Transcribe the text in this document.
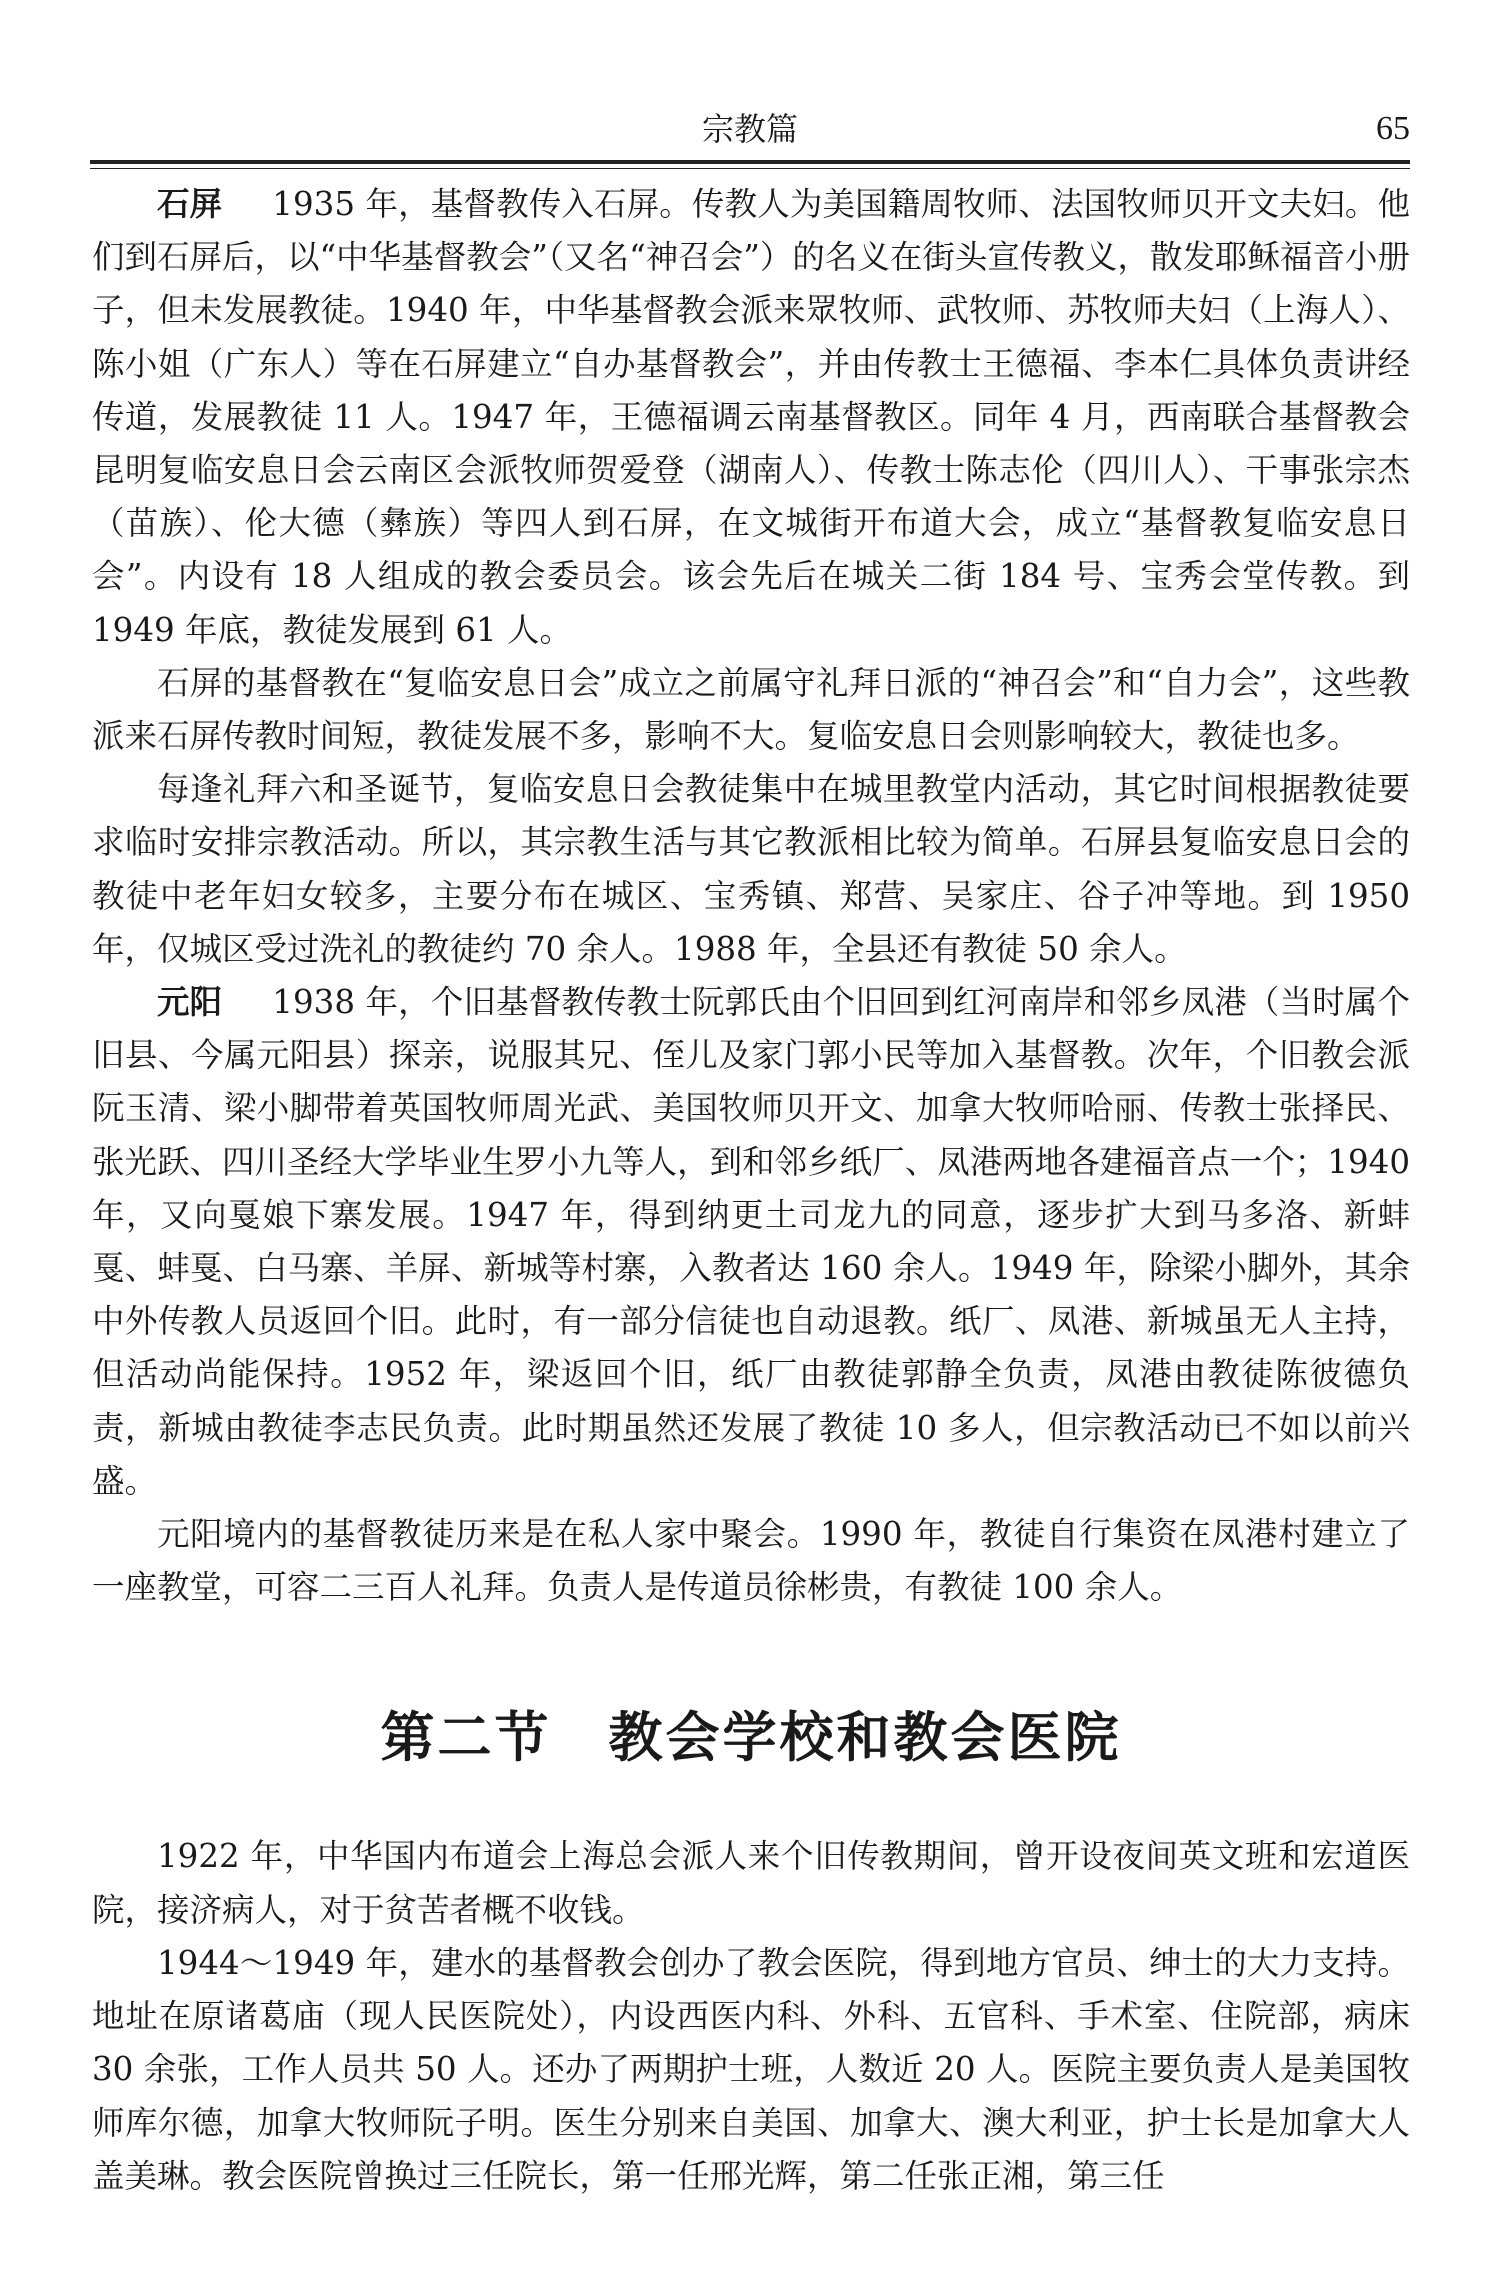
宗教篇	65

石屏 1935 年，基督教传入石屏。传教人为美国籍周牧师、法国牧师贝开文夫妇。他们到石屏后，以“中华基督教会”（又名“神召会”）的名义在街头宣传教义，散发耶稣福音小册子，但未发展教徒。1940 年，中华基督教会派来眾牧师、武牧师、苏牧师夫妇（上海人）、陈小姐（广东人）等在石屏建立“自办基督教会”，并由传教士王德福、李本仁具体负责讲经传道，发展教徒 11 人。1947 年，王德福调云南基督教区。同年 4 月，西南联合基督教会昆明复临安息日会云南区会派牧师贺爱登（湖南人）、传教士陈志伦（四川人）、干事张宗杰（苗族）、伦大德（彝族）等四人到石屏，在文城街开布道大会，成立“基督教复临安息日会”。内设有 18 人组成的教会委员会。该会先后在城关二街 184 号、宝秀会堂传教。到 1949 年底，教徒发展到 61 人。

石屏的基督教在“复临安息日会”成立之前属守礼拜日派的“神召会”和“自力会”，这些教派来石屏传教时间短，教徒发展不多，影响不大。复临安息日会则影响较大，教徒也多。

每逢礼拜六和圣诞节，复临安息日会教徒集中在城里教堂内活动，其它时间根据教徒要求临时安排宗教活动。所以，其宗教生活与其它教派相比较为简单。石屏县复临安息日会的教徒中老年妇女较多，主要分布在城区、宝秀镇、郑营、吴家庄、谷子冲等地。到 1950 年，仅城区受过洗礼的教徒约 70 余人。1988 年，全县还有教徒 50 余人。

元阳 1938 年，个旧基督教传教士阮郭氏由个旧回到红河南岸和邻乡凤港（当时属个旧县、今属元阳县）探亲，说服其兄、侄儿及家门郭小民等加入基督教。次年，个旧教会派阮玉清、梁小脚带着英国牧师周光武、美国牧师贝开文、加拿大牧师哈丽、传教士张择民、张光跃、四川圣经大学毕业生罗小九等人，到和邻乡纸厂、凤港两地各建福音点一个；1940 年，又向戛娘下寨发展。1947 年，得到纳更土司龙九的同意，逐步扩大到马多洛、新蚌戛、蚌戛、白马寨、羊屏、新城等村寨，入教者达 160 余人。1949 年，除梁小脚外，其余中外传教人员返回个旧。此时，有一部分信徒也自动退教。纸厂、凤港、新城虽无人主持，但活动尚能保持。1952 年，梁返回个旧，纸厂由教徒郭静全负责，凤港由教徒陈彼德负责，新城由教徒李志民负责。此时期虽然还发展了教徒 10 多人，但宗教活动已不如以前兴盛。

元阳境内的基督教徒历来是在私人家中聚会。1990 年，教徒自行集资在凤港村建立了一座教堂，可容二三百人礼拜。负责人是传道员徐彬贵，有教徒 100 余人。

第二节　教会学校和教会医院

1922 年，中华国内布道会上海总会派人来个旧传教期间，曾开设夜间英文班和宏道医院，接济病人，对于贫苦者概不收钱。

1944～1949 年，建水的基督教会创办了教会医院，得到地方官员、绅士的大力支持。地址在原诸葛庙（现人民医院处），内设西医内科、外科、五官科、手术室、住院部，病床 30 余张，工作人员共 50 人。还办了两期护士班，人数近 20 人。医院主要负责人是美国牧师库尔德，加拿大牧师阮子明。医生分别来自美国、加拿大、澳大利亚，护士长是加拿大人盖美琳。教会医院曾换过三任院长，第一任邢光辉，第二任张正湘，第三任
